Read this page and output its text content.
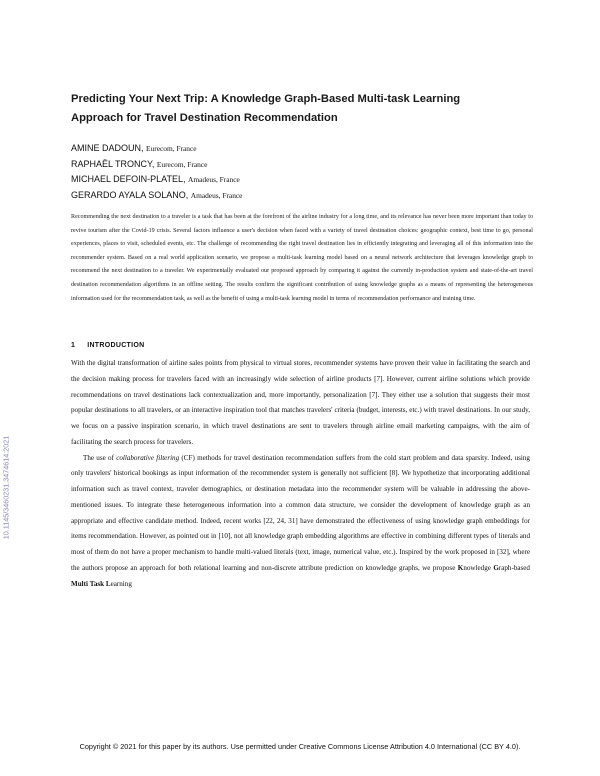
Predicting Your Next Trip: A Knowledge Graph-Based Multi-task Learning Approach for Travel Destination Recommendation
AMINE DADOUN, Eurecom, France
RAPHAËL TRONCY, Eurecom, France
MICHAEL DEFOIN-PLATEL, Amadeus, France
GERARDO AYALA SOLANO, Amadeus, France
Recommending the next destination to a traveler is a task that has been at the forefront of the airline industry for a long time, and its relevance has never been more important than today to revive tourism after the Covid-19 crisis. Several factors influence a user's decision when faced with a variety of travel destination choices: geographic context, best time to go, personal experiences, places to visit, scheduled events, etc. The challenge of recommending the right travel destination lies in efficiently integrating and leveraging all of this information into the recommender system. Based on a real world application scenario, we propose a multi-task learning model based on a neural network architecture that leverages knowledge graph to recommend the next destination to a traveler. We experimentally evaluated our proposed approach by comparing it against the currently in-production system and state-of-the-art travel destination recommendation algorithms in an offline setting. The results confirm the significant contribution of using knowledge graphs as a means of representing the heterogeneous information used for the recommendation task, as well as the benefit of using a multi-task learning model in terms of recommendation performance and training time.
1 INTRODUCTION

With the digital transformation of airline sales points from physical to virtual stores, recommender systems have proven their value in facilitating the search and the decision making process for travelers faced with an increasingly wide selection of airline products [7]. However, current airline solutions which provide recommendations on travel destinations lack contextualization and, more importantly, personalization [7]. They either use a solution that suggests their most popular destinations to all travelers, or an interactive inspiration tool that matches travelers' criteria (budget, interests, etc.) with travel destinations. In our study, we focus on a passive inspiration scenario, in which travel destinations are sent to travelers through airline email marketing campaigns, with the aim of facilitating the search process for travelers.

The use of collaborative filtering (CF) methods for travel destination recommendation suffers from the cold start problem and data sparsity. Indeed, using only travelers' historical bookings as input information of the recommender system is generally not sufficient [8]. We hypothetize that incorporating additional information such as travel context, traveler demographics, or destination metadata into the recommender system will be valuable in addressing the above-mentioned issues. To integrate these heterogeneous information into a common data structure, we consider the development of knowledge graph as an appropriate and effective candidate method. Indeed, recent works [22, 24, 31] have demonstrated the effectiveness of using knowledge graph embeddings for items recommendation. However, as pointed out in [10], not all knowledge graph embedding algorithms are effective in combining different types of literals and most of them do not have a proper mechanism to handle multi-valued literals (text, image, numerical value, etc.). Inspired by the work proposed in [32], where the authors propose an approach for both relational learning and non-discrete attribute prediction on knowledge graphs, we propose Knowledge Graph-based Multi Task Learning

10.1145/3460231.3474614:2021
Copyright © 2021 for this paper by its authors. Use permitted under Creative Commons License Attribution 4.0 International (CC BY 4.0).
